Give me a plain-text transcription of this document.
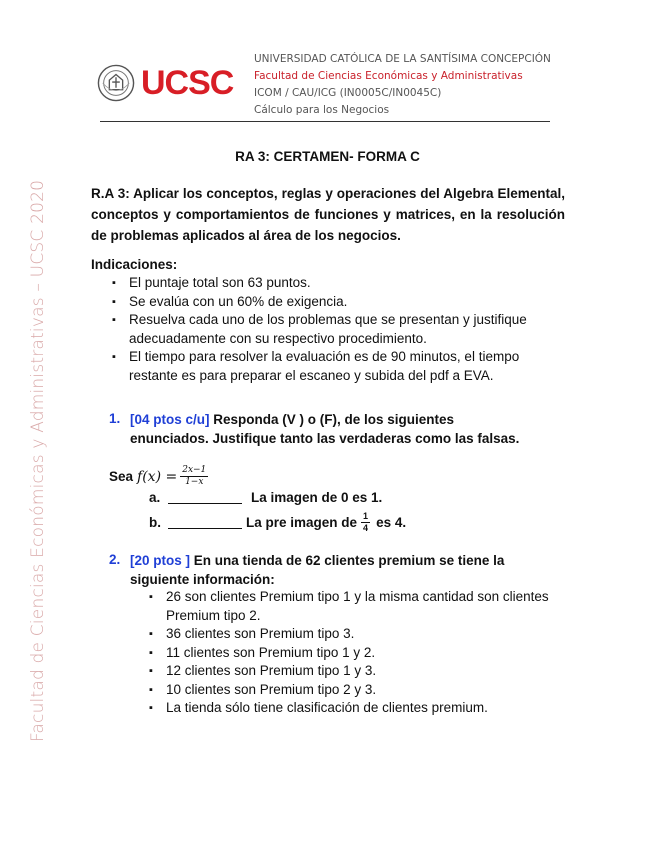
Facultad de Ciencias Económicas y Administrativas – UCSC 2020
UCSC
UNIVERSIDAD CATÓLICA DE LA SANTÍSIMA CONCEPCIÓN
Facultad de Ciencias Económicas y Administrativas
ICOM / CAU/ICG (IN0005C/IN0045C)
Cálculo para los Negocios
RA 3: CERTAMEN- FORMA C
R.A 3: Aplicar los conceptos, reglas y operaciones del Algebra Elemental, conceptos y comportamientos de funciones y matrices, en la resolución de problemas aplicados al área de los negocios.
Indicaciones:
▪ El puntaje total son 63 puntos.
▪ Se evalúa con un 60% de exigencia.
▪ Resuelva cada uno de los problemas que se presentan y justifique adecuadamente con su respectivo procedimiento.
▪ El tiempo para resolver la evaluación es de 90 minutos, el tiempo restante es para preparar el escaneo y subida del pdf a EVA.
1. [04 ptos c/u] Responda (V ) o (F), de los siguientes enunciados. Justifique tanto las verdaderas como las falsas.
Sea $f(x) = \frac{2x-1}{1-x}$
a.	La imagen de 0 es 1.
b.	La pre imagen de $\frac{1}{4}$ es 4.
2. [20 ptos ] En una tienda de 62 clientes premium se tiene la siguiente información:
▪ 26 son clientes Premium tipo 1 y la misma cantidad son clientes Premium tipo 2.
▪ 36 clientes son Premium tipo 3.
▪ 11 clientes son Premium tipo 1 y 2.
▪ 12 clientes son Premium tipo 1 y 3.
▪ 10 clientes son Premium tipo 2 y 3.
▪ La tienda sólo tiene clasificación de clientes premium.
